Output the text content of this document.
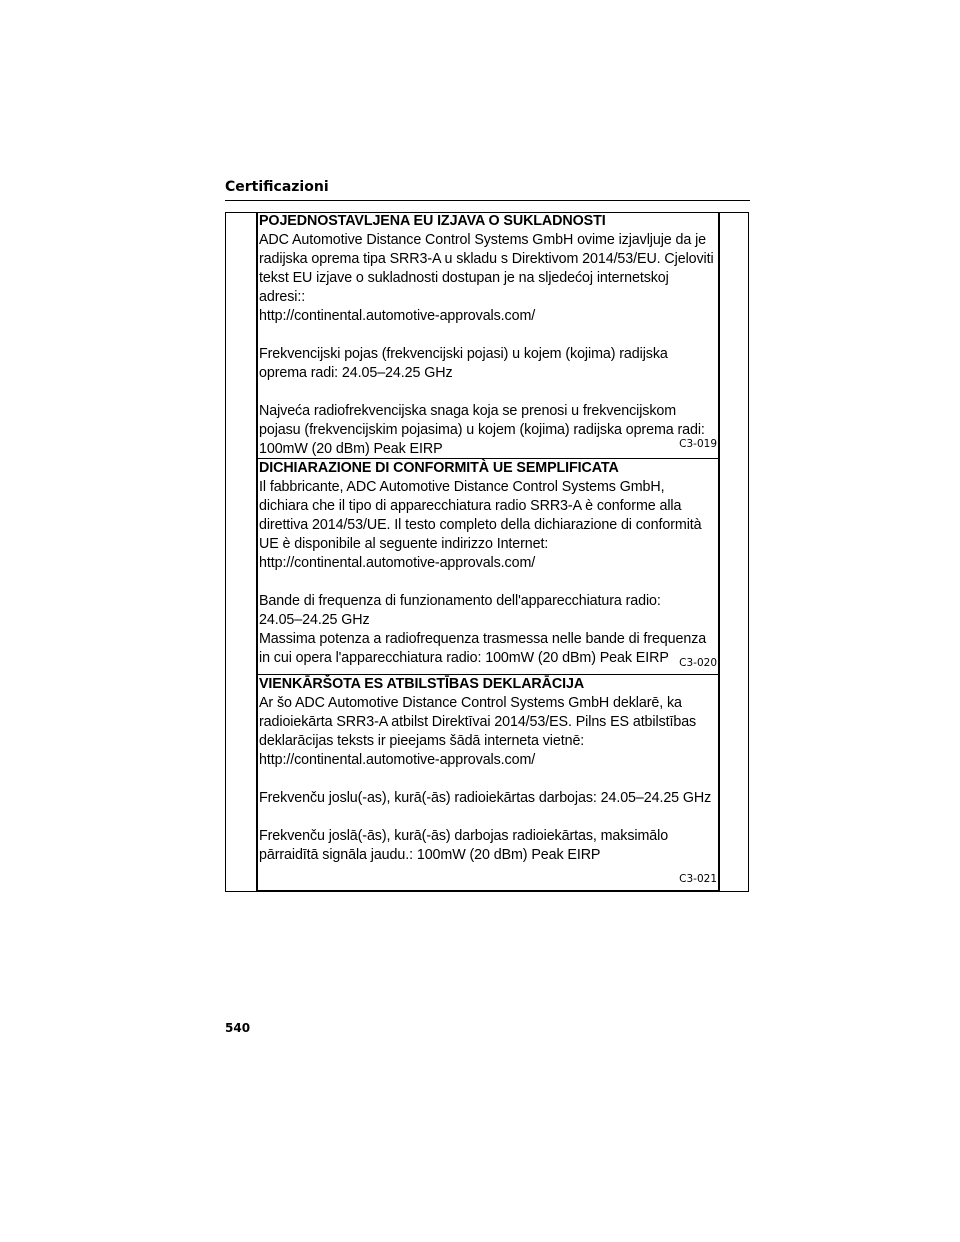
Certificazioni
POJEDNOSTAVLJENA EU IZJAVA O SUKLADNOSTI
ADC Automotive Distance Control Systems GmbH ovime izjavljuje da je
radijska oprema tipa SRR3-A u skladu s Direktivom 2014/53/EU. Cjeloviti
tekst EU izjave o sukladnosti dostupan je na sljedećoj internetskoj
adresi::
http://continental.automotive-approvals.com/
Frekvencijski pojas (frekvencijski pojasi) u kojem (kojima) radijska
oprema radi: 24.05–24.25 GHz
Najveća radiofrekvencijska snaga koja se prenosi u frekvencijskom
pojasu (frekvencijskim pojasima) u kojem (kojima) radijska oprema radi:
100mW (20 dBm) Peak EIRP	C3-019
DICHIARAZIONE DI CONFORMITÀ UE SEMPLIFICATA
Il fabbricante, ADC Automotive Distance Control Systems GmbH,
dichiara che il tipo di apparecchiatura radio SRR3-A è conforme alla
direttiva 2014/53/UE. Il testo completo della dichiarazione di conformità
UE è disponibile al seguente indirizzo Internet:
http://continental.automotive-approvals.com/
Bande di frequenza di funzionamento dell'apparecchiatura radio:
24.05–24.25 GHz
Massima potenza a radiofrequenza trasmessa nelle bande di frequenza
in cui opera l'apparecchiatura radio: 100mW (20 dBm) Peak EIRP C3-020
VIENKĀRŠOTA ES ATBILSTĪBAS DEKLARĀCIJA
Ar šo ADC Automotive Distance Control Systems GmbH deklarē, ka
radioiekārta SRR3-A atbilst Direktīvai 2014/53/ES. Pilns ES atbilstības
deklarācijas teksts ir pieejams šādā interneta vietnē:
http://continental.automotive-approvals.com/
Frekvenču joslu(-as), kurā(-ās) radioiekārtas darbojas: 24.05–24.25 GHz
Frekvenču joslā(-ās), kurā(-ās) darbojas radioiekārtas, maksimālo
pārraidītā signāla jaudu.: 100mW (20 dBm) Peak EIRP
C3-021
540
